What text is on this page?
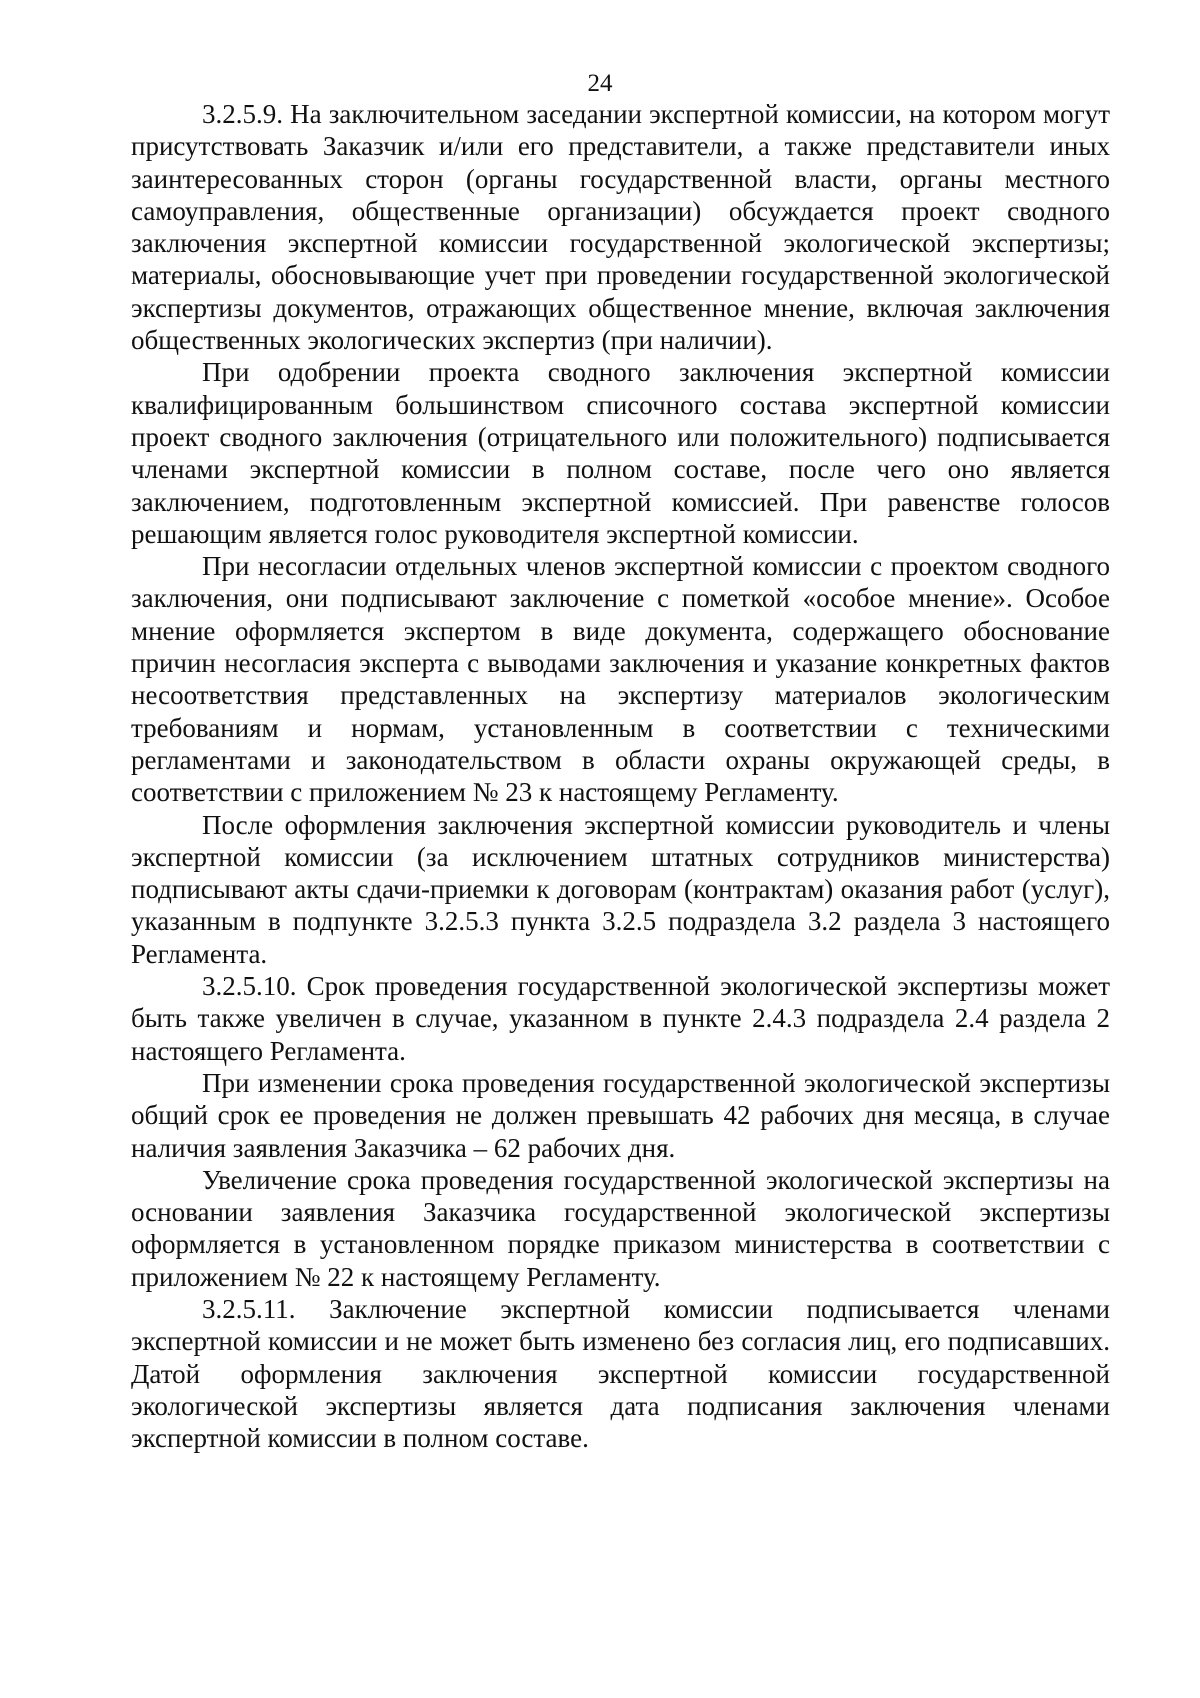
24

3.2.5.9. На заключительном заседании экспертной комиссии, на котором могут присутствовать Заказчик и/или его представители, а также представители иных заинтересованных сторон (органы государственной власти, органы местного самоуправления, общественные организации) обсуждается проект сводного заключения экспертной комиссии государственной экологической экспертизы; материалы, обосновывающие учет при проведении государственной экологической экспертизы документов, отражающих общественное мнение, включая заключения общественных экологических экспертиз (при наличии).

При одобрении проекта сводного заключения экспертной комиссии квалифицированным большинством списочного состава экспертной комиссии проект сводного заключения (отрицательного или положительного) подписывается членами экспертной комиссии в полном составе, после чего оно является заключением, подготовленным экспертной комиссией. При равенстве голосов решающим является голос руководителя экспертной комиссии.

При несогласии отдельных членов экспертной комиссии с проектом сводного заключения, они подписывают заключение с пометкой «особое мнение». Особое мнение оформляется экспертом в виде документа, содержащего обоснование причин несогласия эксперта с выводами заключения и указание конкретных фактов несоответствия представленных на экспертизу материалов экологическим требованиям и нормам, установленным в соответствии с техническими регламентами и законодательством в области охраны окружающей среды, в соответствии с приложением № 23 к настоящему Регламенту.

После оформления заключения экспертной комиссии руководитель и члены экспертной комиссии (за исключением штатных сотрудников министерства) подписывают акты сдачи-приемки к договорам (контрактам) оказания работ (услуг), указанным в подпункте 3.2.5.3 пункта 3.2.5 подраздела 3.2 раздела 3 настоящего Регламента.

3.2.5.10. Срок проведения государственной экологической экспертизы может быть также увеличен в случае, указанном в пункте 2.4.3 подраздела 2.4 раздела 2 настоящего Регламента.

При изменении срока проведения государственной экологической экспертизы общий срок ее проведения не должен превышать 42 рабочих дня месяца, в случае наличия заявления Заказчика – 62 рабочих дня.

Увеличение срока проведения государственной экологической экспертизы на основании заявления Заказчика государственной экологической экспертизы оформляется в установленном порядке приказом министерства в соответствии с приложением № 22 к настоящему Регламенту.

3.2.5.11. Заключение экспертной комиссии подписывается членами экспертной комиссии и не может быть изменено без согласия лиц, его подписавших. Датой оформления заключения экспертной комиссии государственной экологической экспертизы является дата подписания заключения членами экспертной комиссии в полном составе.
